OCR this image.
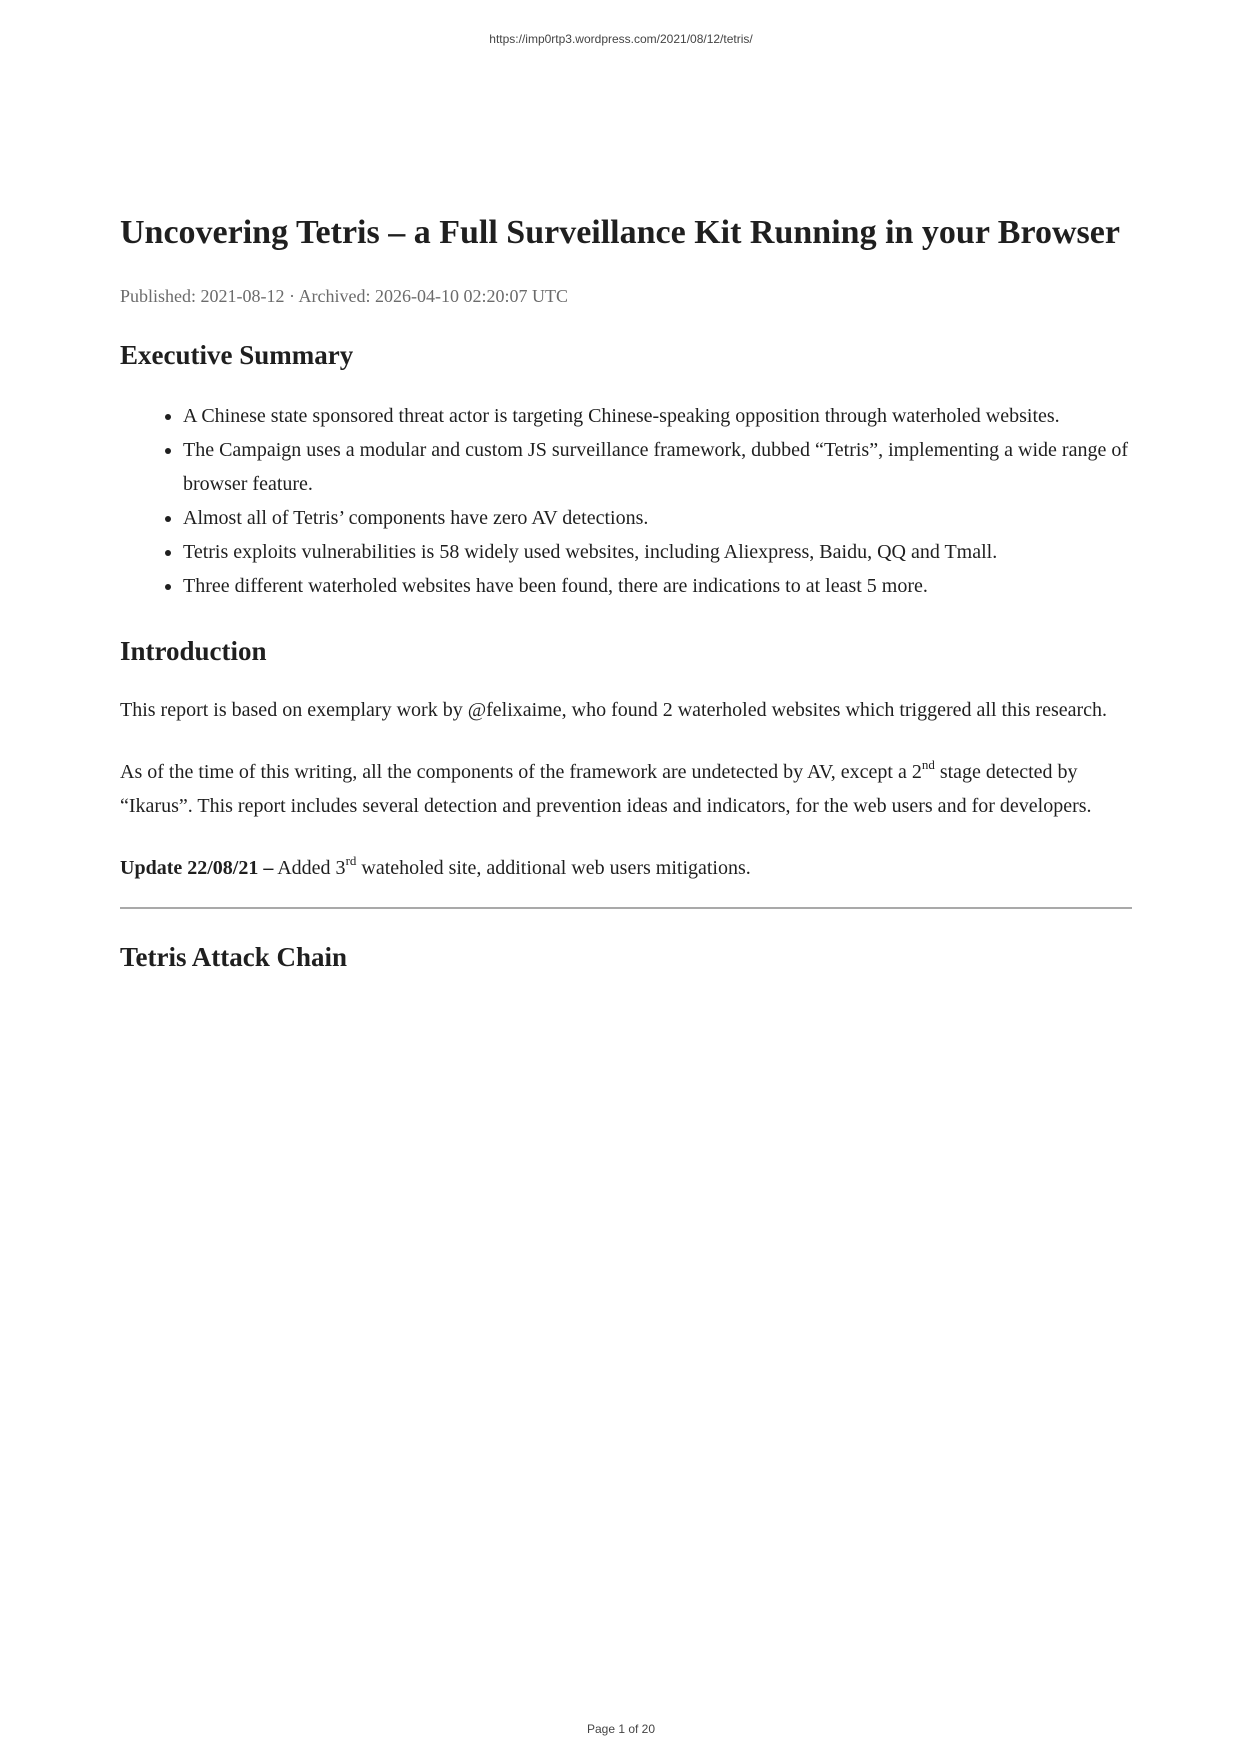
https://imp0rtp3.wordpress.com/2021/08/12/tetris/
Uncovering Tetris – a Full Surveillance Kit Running in your Browser
Published: 2021-08-12 · Archived: 2026-04-10 02:20:07 UTC
Executive Summary
• A Chinese state sponsored threat actor is targeting Chinese-speaking opposition through waterholed websites.
• The Campaign uses a modular and custom JS surveillance framework, dubbed “Tetris”, implementing a wide range of browser feature.
• Almost all of Tetris’ components have zero AV detections.
• Tetris exploits vulnerabilities is 58 widely used websites, including Aliexpress, Baidu, QQ and Tmall.
• Three different waterholed websites have been found, there are indications to at least 5 more.
Introduction

This report is based on exemplary work by @felixaime, who found 2 waterholed websites which triggered all this research.

As of the time of this writing, all the components of the framework are undetected by AV, except a 2nd stage detected by “Ikarus”. This report includes several detection and prevention ideas and indicators, for the web users and for developers.

Update 22/08/21 – Added 3rd wateholed site, additional web users mitigations.

Tetris Attack Chain
Page 1 of 20
